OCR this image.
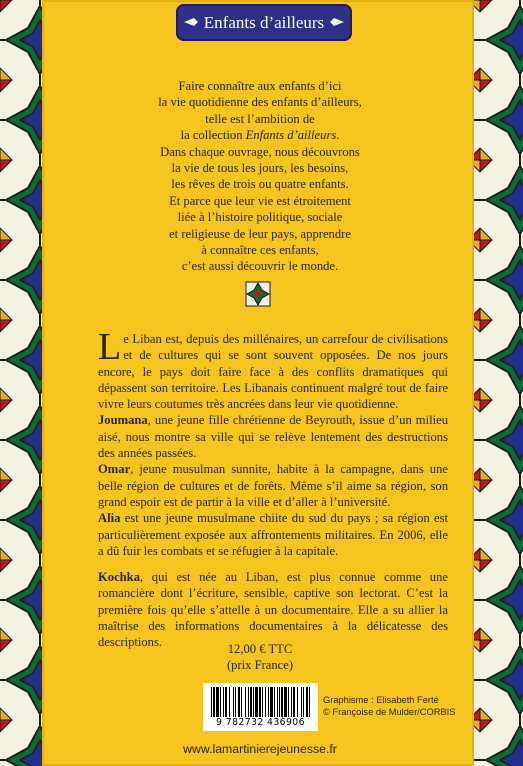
Enfants d’ailleurs
Faire connaître aux enfants d’ici
la vie quotidienne des enfants d’ailleurs,
telle est l’ambition de
la collection Enfants d’ailleurs.
Dans chaque ouvrage, nous découvrons
la vie de tous les jours, les besoins,
les rêves de trois ou quatre enfants.
Et parce que leur vie est étroitement
liée à l’histoire politique, sociale
et religieuse de leur pays, apprendre
à connaître ces enfants,
c’est aussi découvrir le monde.

Le Liban est, depuis des millénaires, un carrefour de civilisations et de cultures qui se sont souvent opposées. De nos jours encore, le pays doit faire face à des conflits dramatiques qui dépassent son territoire. Les Libanais continuent malgré tout de faire vivre leurs coutumes très ancrées dans leur vie quotidienne.

Joumana, une jeune fille chrétienne de Beyrouth, issue d’un milieu aisé, nous montre sa ville qui se relève lentement des destructions des années passées.

Omar, jeune musulman sunnite, habite à la campagne, dans une belle région de cultures et de forêts. Même s’il aime sa région, son grand espoir est de partir à la ville et d’aller à l’université.

Alia est une jeune musulmane chiite du sud du pays ; sa région est particulièrement exposée aux affrontements militaires. En 2006, elle a dû fuir les combats et se réfugier à la capitale.

Kochka, qui est née au Liban, est plus connue comme une romancière dont l’écriture, sensible, captive son lectorat. C’est la première fois qu’elle s’attelle à un documentaire. Elle a su allier la maîtrise des informations documentaires à la délicatesse des descriptions.	12,00 € TTC
(prix France)
9 782732 436906
Graphisme : Elisabeth Ferté
© Françoise de Mulder/CORBIS
www.lamartinierejeunesse.fr
